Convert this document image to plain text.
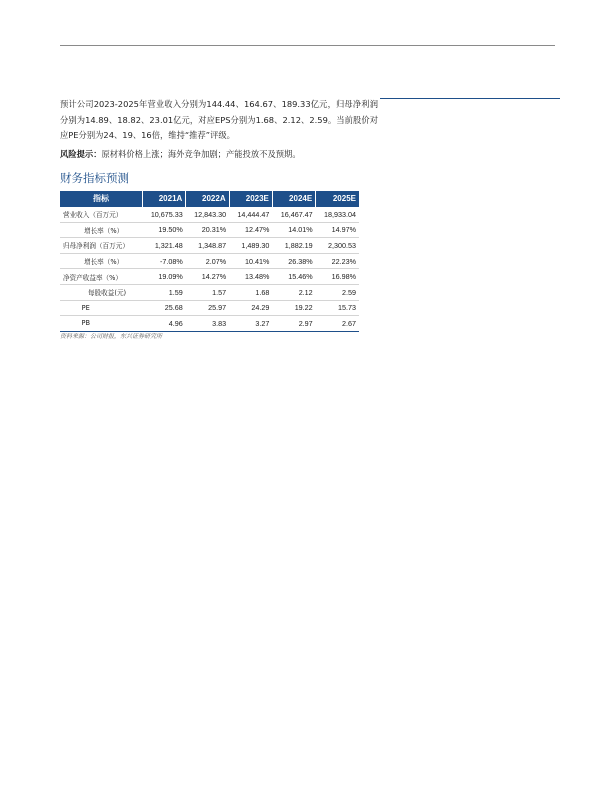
预计公司2023-2025年营业收入分别为144.44、164.67、189.33亿元，归母净利润分别为14.89、18.82、23.01亿元，对应EPS分别为1.68、2.12、2.59。当前股价对应PE分别为24、19、16倍，维持“推荐”评级。
风险提示：原材料价格上涨；海外竞争加剧；产能投放不及预期。
财务指标预测
指标	2021A	2022A	2023E	2024E	2025E
营业收入（百万元）	10,675.33	12,843.30	14,444.47	16,467.47	18,933.04
增长率（%）	19.50%	20.31%	12.47%	14.01%	14.97%
归母净利润（百万元）	1,321.48	1,348.87	1,489.30	1,882.19	2,300.53
增长率（%）	-7.08%	2.07%	10.41%	26.38%	22.23%
净资产收益率（%）	19.09%	14.27%	13.48%	15.46%	16.98%
每股收益(元)	1.59	1.57	1.68	2.12	2.59
PE	25.68	25.97	24.29	19.22	15.73
PB	4.96	3.83	3.27	2.97	2.67
资料来源：公司财报，东兴证券研究所
